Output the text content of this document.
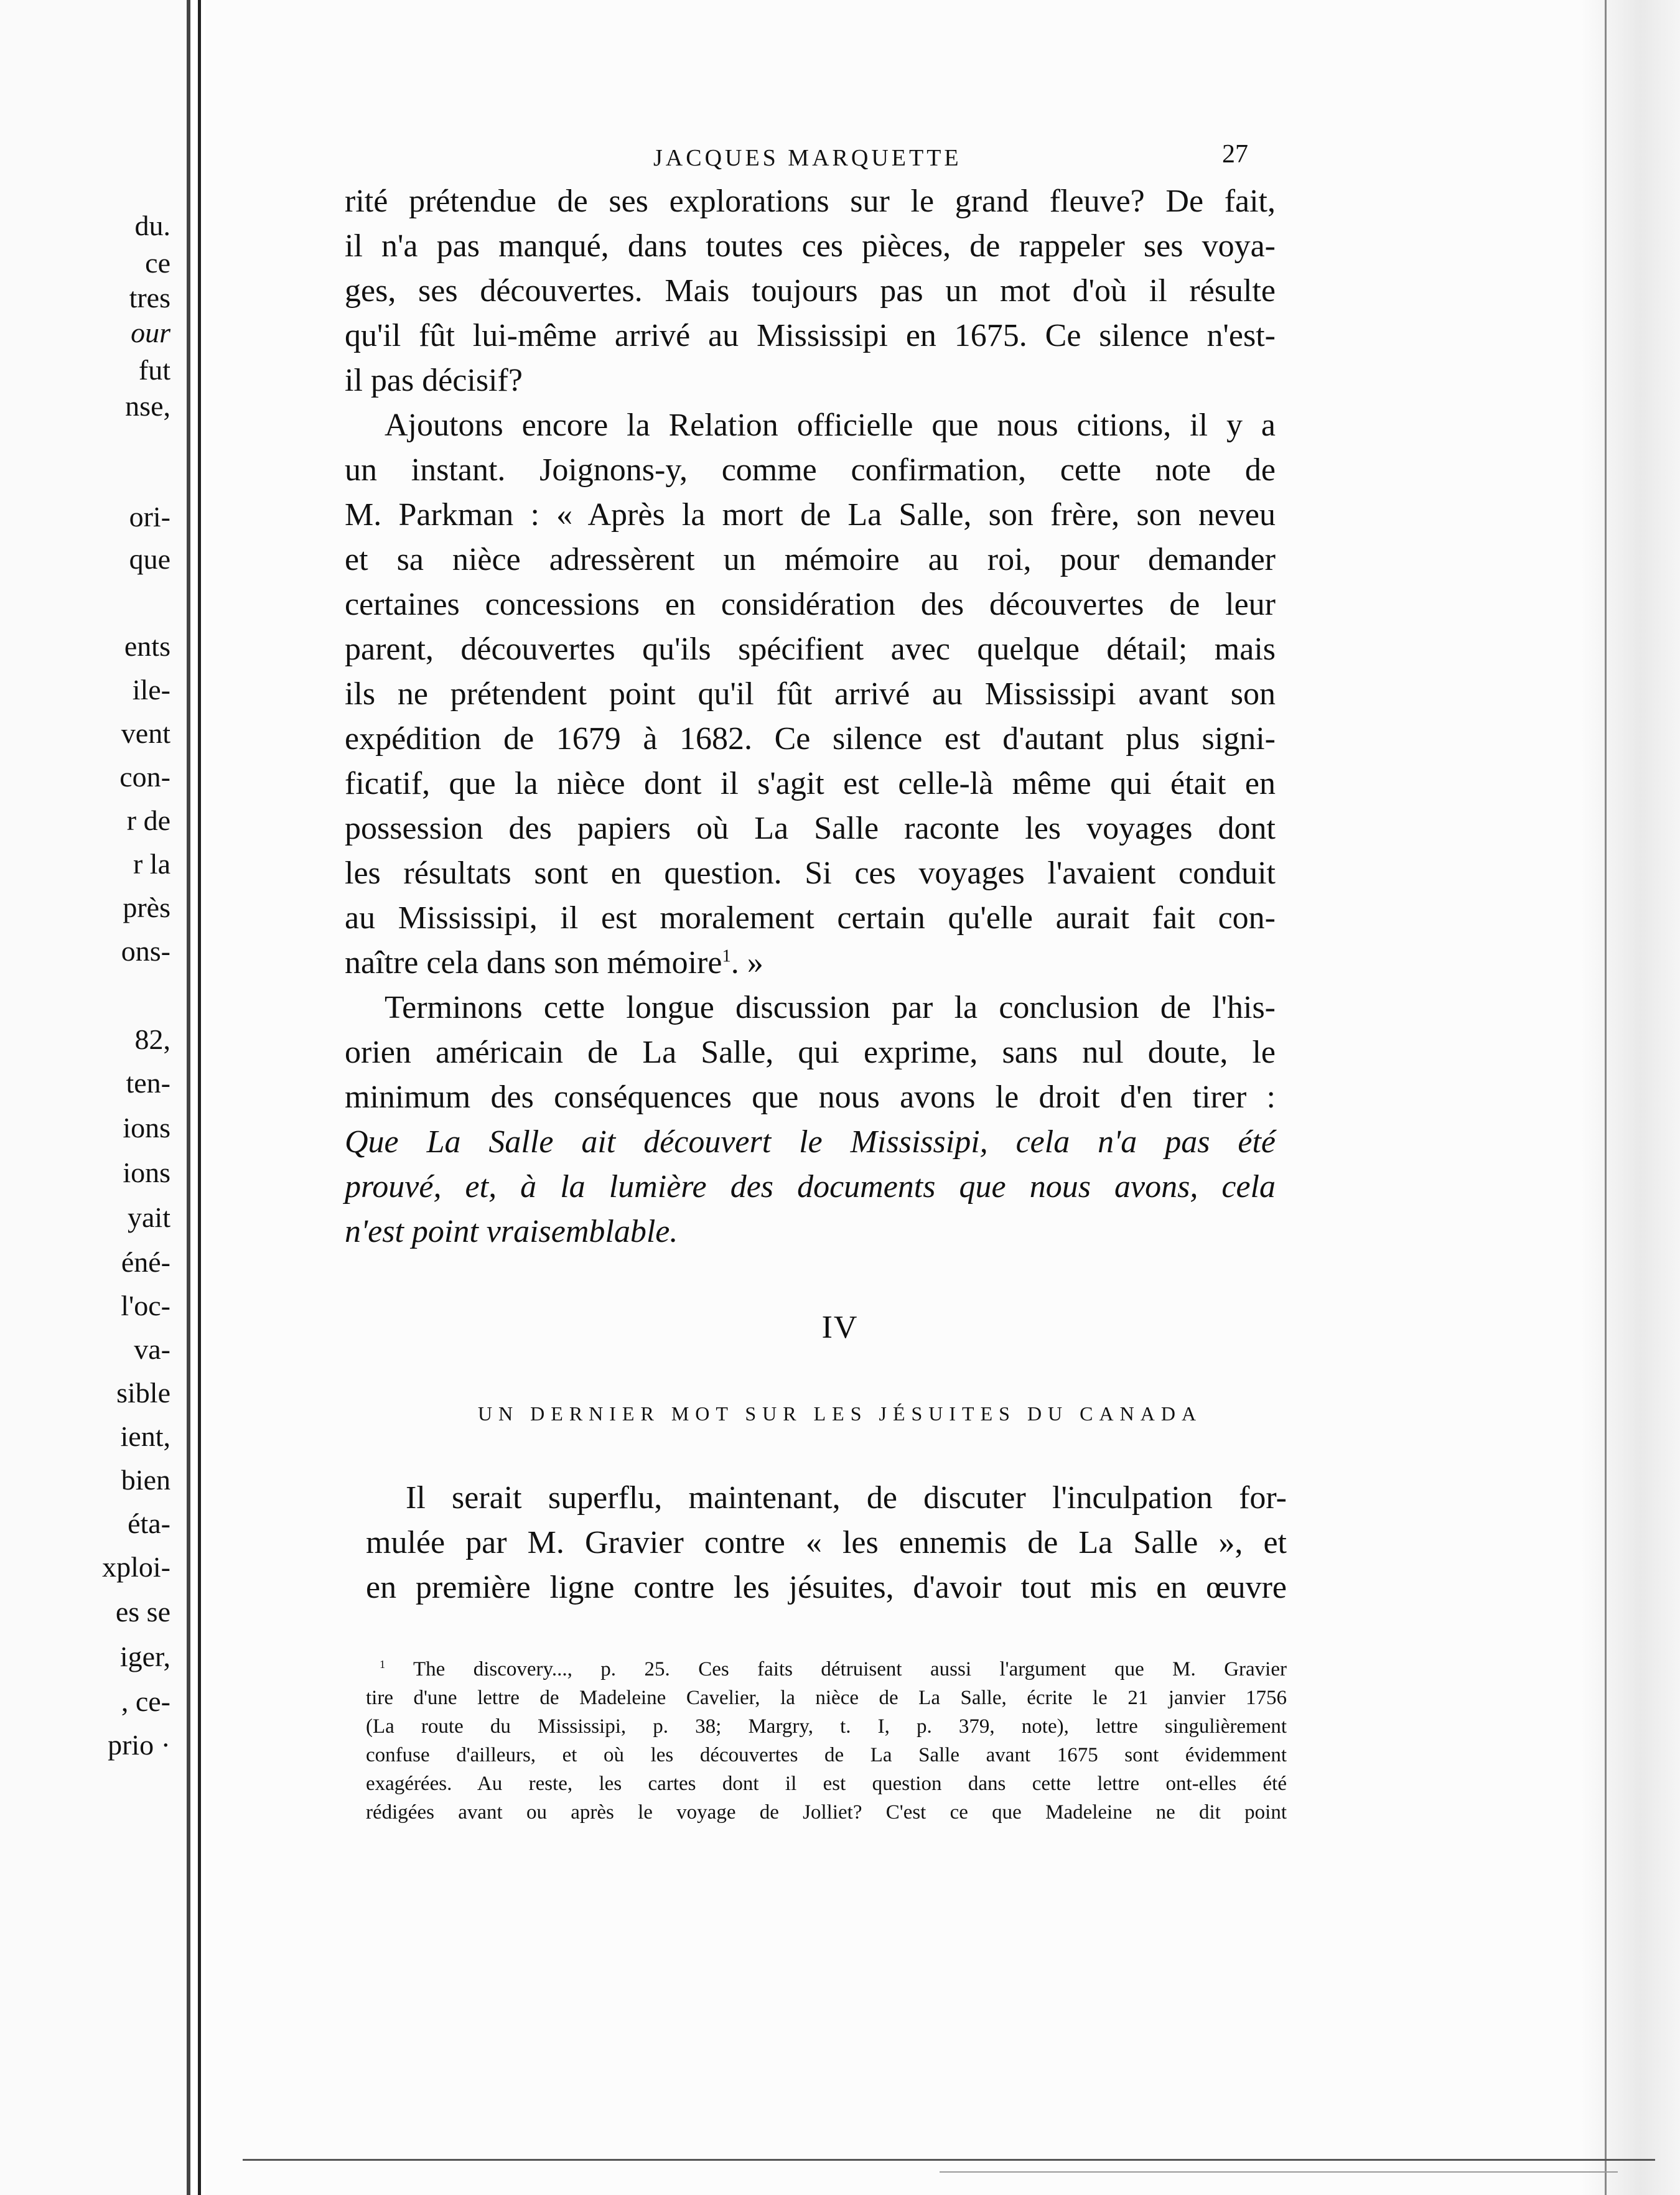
du.
ce
tres
our
fut
nse,
ori-
que
ents
ile-
vent
con-
r de
r la
près
ons-
82,
ten-
ions
ions
yait
éné-
l'oc-
va-
sible
ient,
bien
éta-
xploi-
es se
iger,
, ce-
prio ·
JACQUES MARQUETTE	27
rité prétendue de ses explorations sur le grand fleuve? De fait,
il n'a pas manqué, dans toutes ces pièces, de rappeler ses voya-
ges, ses découvertes. Mais toujours pas un mot d'où il résulte
qu'il fût lui-même arrivé au Mississipi en 1675. Ce silence n'est-
il pas décisif?
Ajoutons encore la Relation officielle que nous citions, il y a
un instant. Joignons-y, comme confirmation, cette note de
M. Parkman : « Après la mort de La Salle, son frère, son neveu
et sa nièce adressèrent un mémoire au roi, pour demander
certaines concessions en considération des découvertes de leur
parent, découvertes qu'ils spécifient avec quelque détail; mais
ils ne prétendent point qu'il fût arrivé au Mississipi avant son
expédition de 1679 à 1682. Ce silence est d'autant plus signi-
ficatif, que la nièce dont il s'agit est celle-là même qui était en
possession des papiers où La Salle raconte les voyages dont
les résultats sont en question. Si ces voyages l'avaient conduit
au Mississipi, il est moralement certain qu'elle aurait fait con-
naître cela dans son mémoire$^1$. »
Terminons cette longue discussion par la conclusion de l'his-
orien américain de La Salle, qui exprime, sans nul doute, le
minimum des conséquences que nous avons le droit d'en tirer :
Que La Salle ait découvert le Mississipi, cela n'a pas été
prouvé, et, à la lumière des documents que nous avons, cela
n'est point vraisemblable.
IV
UN DERNIER MOT SUR LES JÉSUITES DU CANADA
Il serait superflu, maintenant, de discuter l'inculpation for-
mulée par M. Gravier contre « les ennemis de La Salle », et
en première ligne contre les jésuites, d'avoir tout mis en œuvre
$^1$ The discovery..., p. 25. Ces faits détruisent aussi l'argument que M. Gravier
tire d'une lettre de Madeleine Cavelier, la nièce de La Salle, écrite le 21 janvier 1756
(La route du Mississipi, p. 38; Margry, t. I, p. 379, note), lettre singulièrement
confuse d'ailleurs, et où les découvertes de La Salle avant 1675 sont évidemment
exagérées. Au reste, les cartes dont il est question dans cette lettre ont-elles été
rédigées avant ou après le voyage de Jolliet? C'est ce que Madeleine ne dit point
